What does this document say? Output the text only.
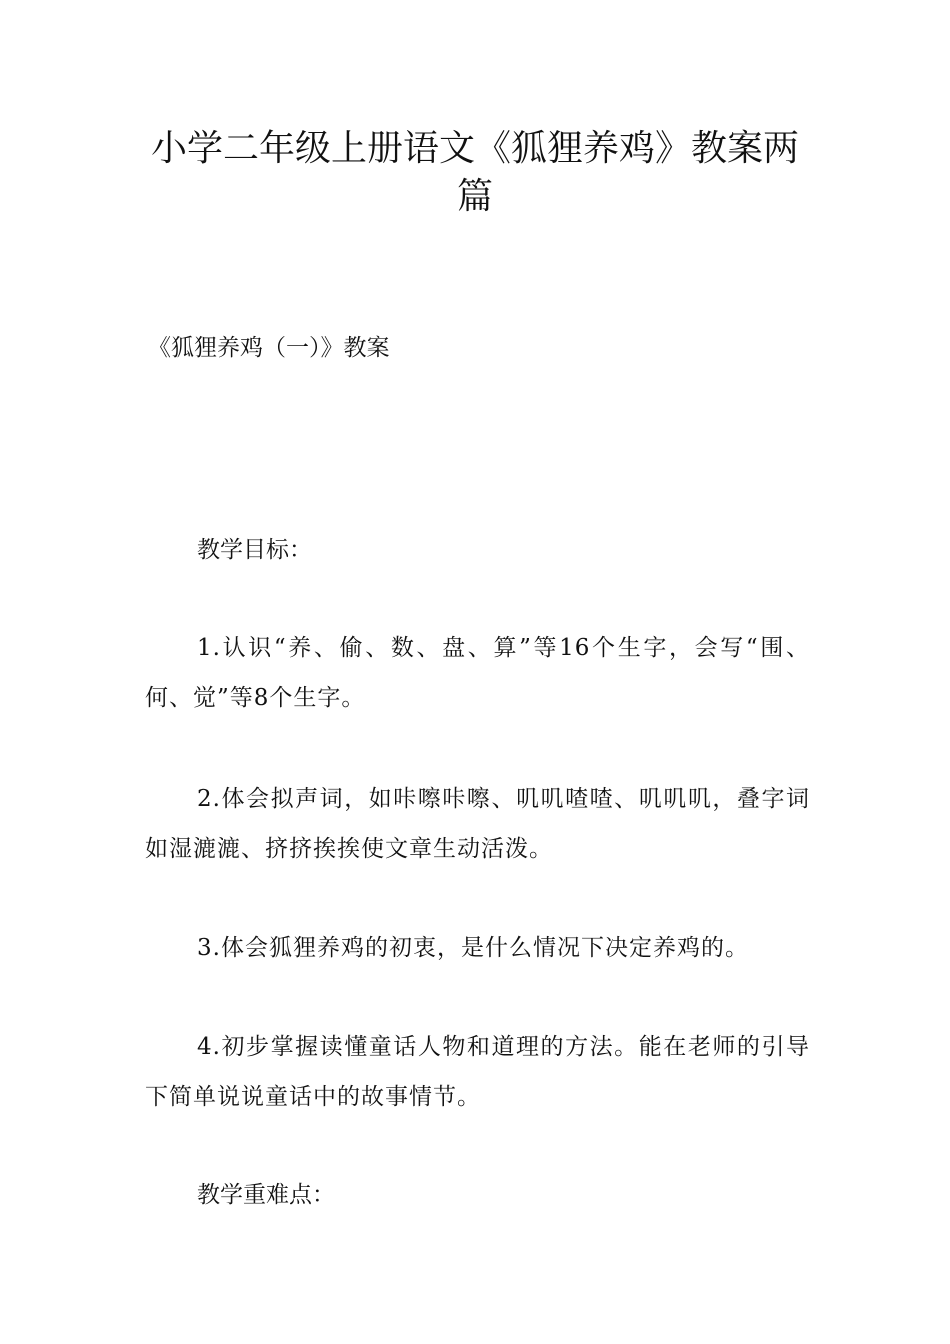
小学二年级上册语文《狐狸养鸡》教案两篇

《狐狸养鸡（一）》教案

教学目标：

1.认识“养、偷、数、盘、算”等16个生字，会写“围、何、觉”等8个生字。

2.体会拟声词，如咔嚓咔嚓、叽叽喳喳、叽叽叽，叠字词如湿漉漉、挤挤挨挨使文章生动活泼。

3.体会狐狸养鸡的初衷，是什么情况下决定养鸡的。

4.初步掌握读懂童话人物和道理的方法。能在老师的引导下简单说说童话中的故事情节。

教学重难点：
